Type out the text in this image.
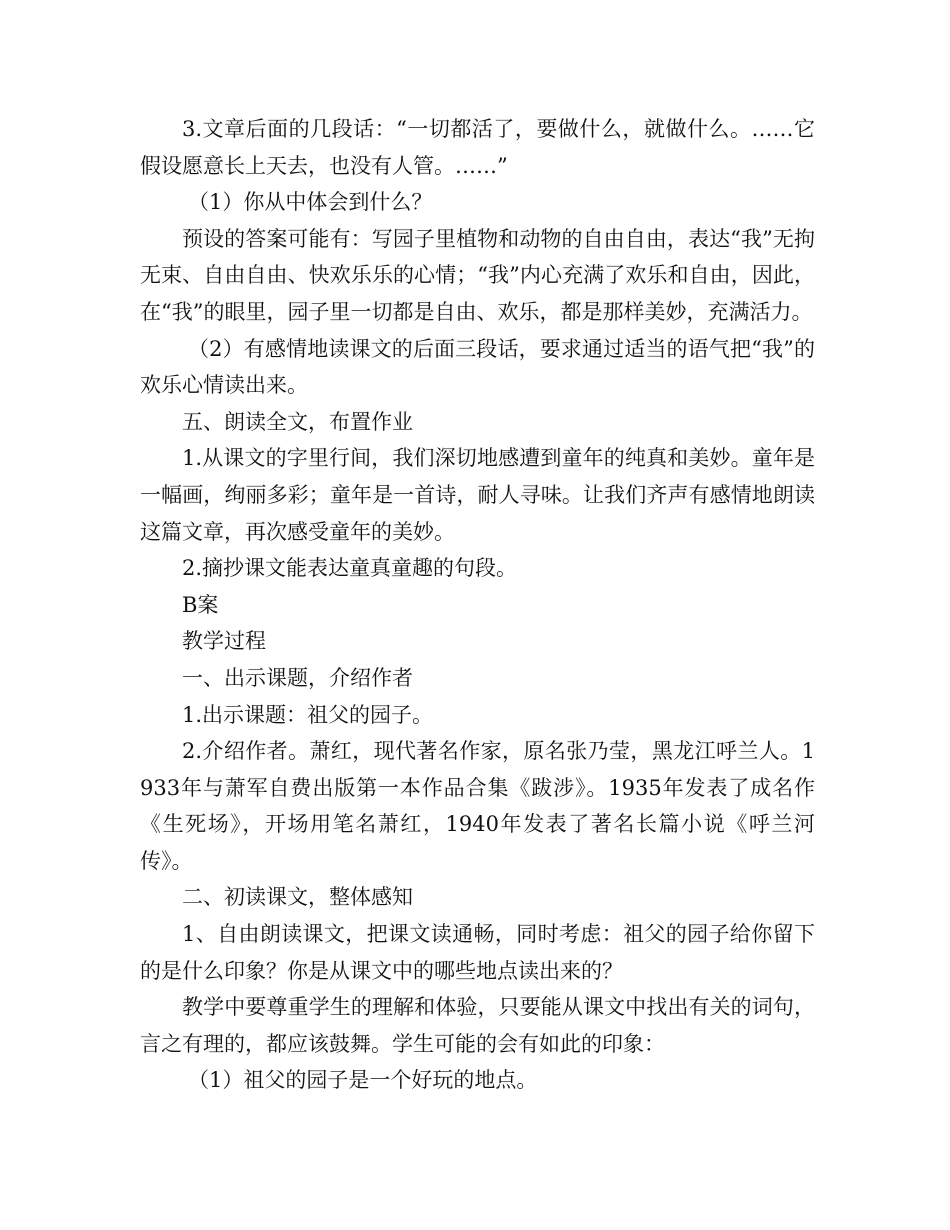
3.文章后面的几段话：“一切都活了，要做什么，就做什么。……它假设愿意长上天去，也没有人管。……”

（1）你从中体会到什么？

预设的答案可能有：写园子里植物和动物的自由自由，表达“我”无拘无束、自由自由、快欢乐乐的心情；“我”内心充满了欢乐和自由，因此，在“我”的眼里，园子里一切都是自由、欢乐，都是那样美妙，充满活力。

（2）有感情地读课文的后面三段话，要求通过适当的语气把“我”的欢乐心情读出来。

五、朗读全文，布置作业

1.从课文的字里行间，我们深切地感遭到童年的纯真和美妙。童年是一幅画，绚丽多彩；童年是一首诗，耐人寻味。让我们齐声有感情地朗读这篇文章，再次感受童年的美妙。

2.摘抄课文能表达童真童趣的句段。

B案

教学过程

一、出示课题，介绍作者

1.出示课题：祖父的园子。

2.介绍作者。萧红，现代著名作家，原名张乃莹，黑龙江呼兰人。1933年与萧军自费出版第一本作品合集《跋涉》。1935年发表了成名作《生死场》，开场用笔名萧红，1940年发表了著名长篇小说《呼兰河传》。

二、初读课文，整体感知

1、自由朗读课文，把课文读通畅，同时考虑：祖父的园子给你留下的是什么印象？你是从课文中的哪些地点读出来的？

教学中要尊重学生的理解和体验，只要能从课文中找出有关的词句，言之有理的，都应该鼓舞。学生可能的会有如此的印象：

（1）祖父的园子是一个好玩的地点。
